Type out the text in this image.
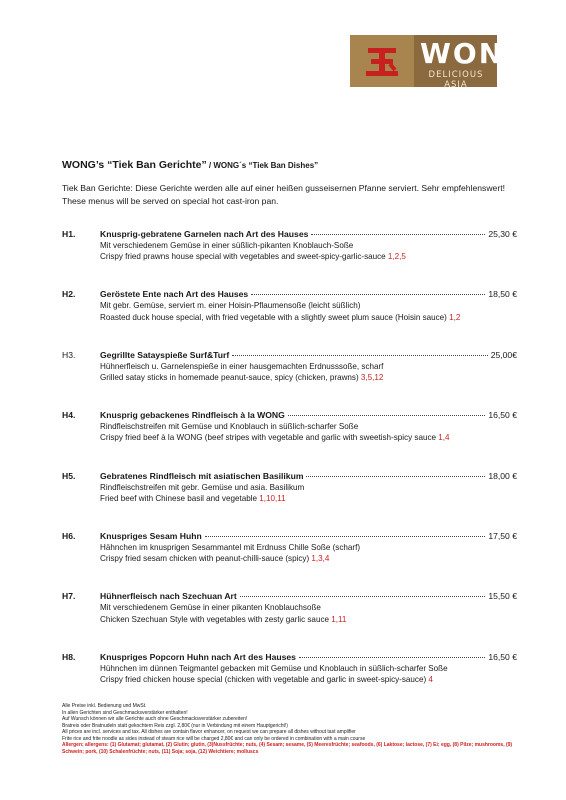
WONG
DELICIOUS ASIA
WONG’s “Tiek Ban Gerichte” / WONG´s “Tiek Ban Dishes”
Tiek Ban Gerichte: Diese Gerichte werden alle auf einer heißen gusseisernen Pfanne serviert. Sehr empfehlenswert! These menus will be served on special hot cast-iron pan.
H1.	Knusprig-gebratene Garnelen nach Art des Hauses	25,30 €
Mit verschiedenem Gemüse in einer süßlich-pikanten Knoblauch-Soße
Crispy fried prawns house special with vegetables and sweet-spicy-garlic-sauce 1,2,5
H2.	Geröstete Ente nach Art des Hauses	18,50 €
Mit gebr. Gemüse, serviert m. einer Hoisin-Pflaumensoße (leicht süßlich)
Roasted duck house special, with fried vegetable with a slightly sweet plum sauce (Hoisin sauce) 1,2
H3.	Gegrillte Satayspieße Surf&Turf	25,00€
Hühnerfleisch u. Garnelenspieße in einer hausgemachten Erdnusssoße, scharf
Grilled satay sticks in homemade peanut-sauce, spicy (chicken, prawns) 3,5,12
H4.	Knusprig gebackenes Rindfleisch à la WONG	16,50 €
Rindfleischstreifen mit Gemüse und Knoblauch in süßlich-scharfer Soße
Crispy fried beef à la WONG (beef stripes with vegetable and garlic with sweetish-spicy sauce 1,4
H5.	Gebratenes Rindfleisch mit asiatischen Basilikum	18,00 €
Rindfleischstreifen mit gebr. Gemüse und asia. Basilikum
Fried beef with Chinese basil and vegetable 1,10,11
H6.	Knuspriges Sesam Huhn	17,50 €
Hähnchen im knusprigen Sesammantel mit Erdnuss Chille Soße (scharf)
Crispy fried sesam chicken with peanut-chilli-sauce (spicy) 1,3,4
H7.	Hühnerfleisch nach Szechuan Art	15,50 €
Mit verschiedenem Gemüse in einer pikanten Knoblauchsoße
Chicken Szechuan Style with vegetables with zesty garlic sauce 1,11
H8.	Knuspriges Popcorn Huhn nach Art des Hauses	16,50 €
Hühnchen im dünnen Teigmantel gebacken mit Gemüse und Knoblauch in süßlich-scharfer Soße
Crispy fried chicken house special (chicken with vegetable and garlic in sweet-spicy-sauce) 4
Alle Preise inkl. Bedienung und MwSt.
In allen Gerichten sind Geschmacksverstärker enthalten!
Auf Wunsch können wir alle Gerichte auch ohne Geschmacksverstärker zubereiten!
Bratreis oder Bratnudeln statt gekochtem Reis zzgl. 2,80€ (nur in Verbindung mit einem Hauptgericht!)
All prices are incl. services and tax. All dishes are contain flavor enhancer, on request we can prepare all dishes without tast amplifier
Frite rice and frite noodle as sides instead of steam rice will be charged 2,80€ and can only be ordered in combination with a main course
Allergen; allergens: (1) Glutamat; glutamat, (2) Glutin; glutin, (3)Nussfrüchte; nuts, (4) Sesam; sesame, (5) Meeresfrüchte; seafoods, (6) Laktose; lactose, (7) Ei; egg, (8) Pilze; mushrooms, (9) Schwein; pork, (10) Schalenfrüchte; nuts, (11) Soja; soja, (12) Weichtiere; molluscs
